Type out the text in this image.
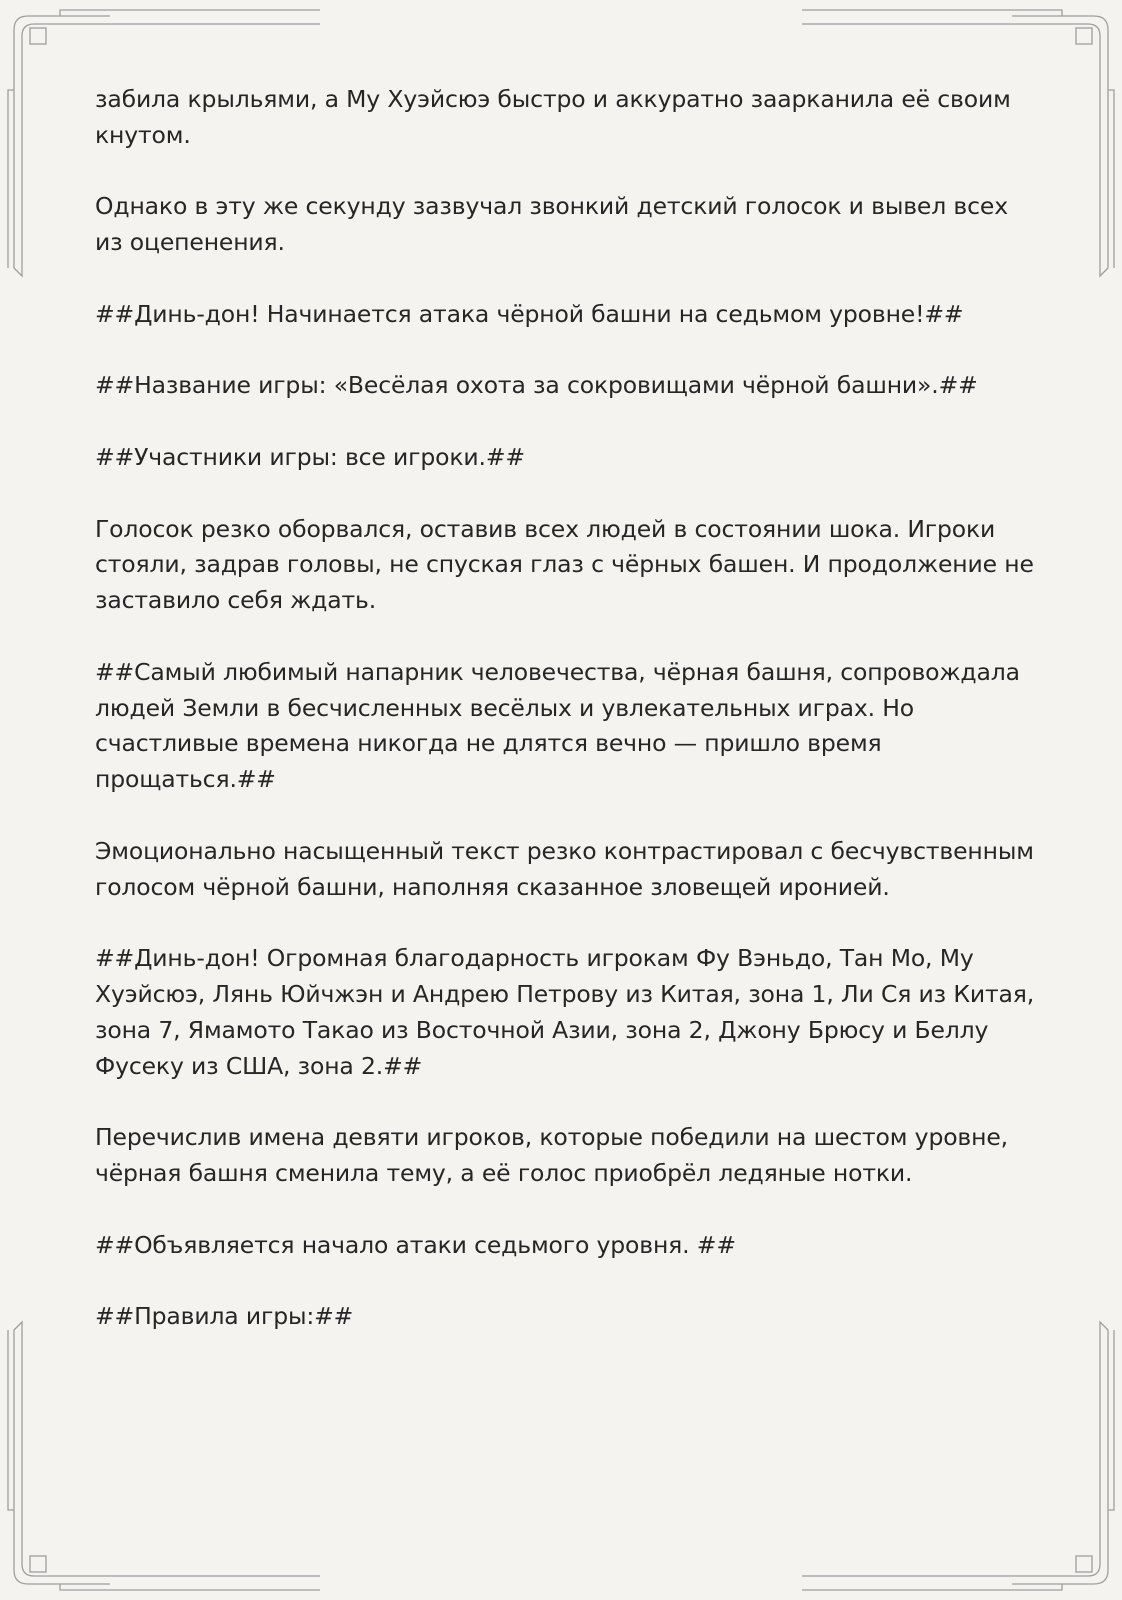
забила крыльями, а Му Хуэйсюэ быстро и аккуратно заарканила её своим кнутом.

Однако в эту же секунду зазвучал звонкий детский голосок и вывел всех из оцепенения.

##Динь-дон! Начинается атака чёрной башни на седьмом уровне!##

##Название игры: «Весёлая охота за сокровищами чёрной башни».##

##Участники игры: все игроки.##

Голосок резко оборвался, оставив всех людей в состоянии шока. Игроки стояли, задрав головы, не спуская глаз с чёрных башен. И продолжение не заставило себя ждать.

##Самый любимый напарник человечества, чёрная башня, сопровождала людей Земли в бесчисленных весёлых и увлекательных играх. Но счастливые времена никогда не длятся вечно — пришло время прощаться.##

Эмоционально насыщенный текст резко контрастировал с бесчувственным голосом чёрной башни, наполняя сказанное зловещей иронией.

##Динь-дон! Огромная благодарность игрокам Фу Вэньдо, Тан Мо, Му Хуэйсюэ, Лянь Юйчжэн и Андрею Петрову из Китая, зона 1, Ли Ся из Китая, зона 7, Ямамото Такао из Восточной Азии, зона 2, Джону Брюсу и Беллу Фусеку из США, зона 2.##

Перечислив имена девяти игроков, которые победили на шестом уровне, чёрная башня сменила тему, а её голос приобрёл ледяные нотки.

##Объявляется начало атаки седьмого уровня. ##

##Правила игры:##
